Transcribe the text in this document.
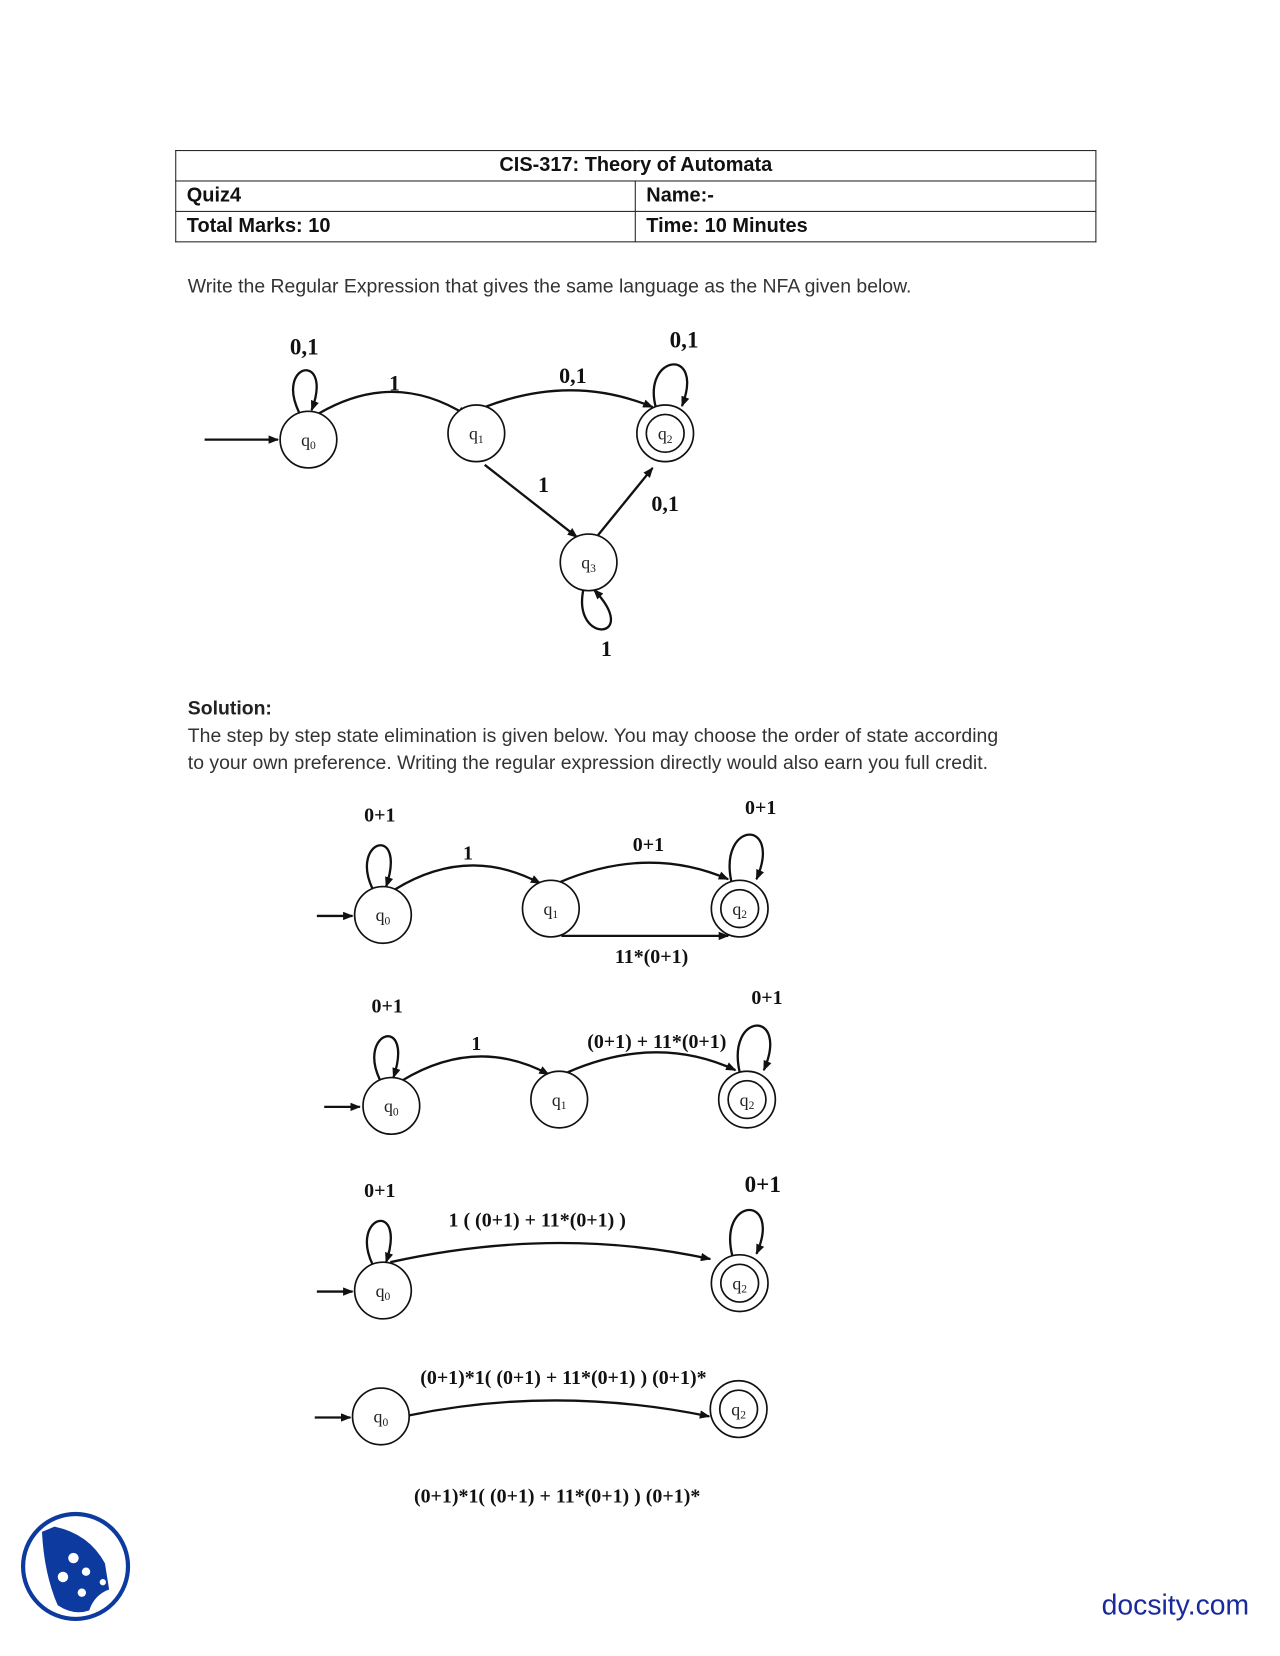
CIS-317: Theory of Automata	
Quiz4	Name:-
Total Marks: 10	Time: 10 Minutes
Write the Regular Expression that gives the same language as the NFA given below.
Solution:
The step by step state elimination is given below. You may choose the order of state according
to your own preference. Writing the regular expression directly would also earn you full credit.
q0
q1	q2
q3
0,1
1	0,1
0,1
1
0,1
1
q0
q1	q2
0+1
1	0+1
0+1
11*(0+1)
q0
q1	q2
0+1
1	(0+1) + 11*(0+1)
0+1
q0
q2
0+1
1 ( (0+1) + 11*(0+1) )
0+1
q0
q2
(0+1)*1( (0+1) + 11*(0+1) ) (0+1)*
(0+1)*1( (0+1) + 11*(0+1) ) (0+1)*
docsity.com
